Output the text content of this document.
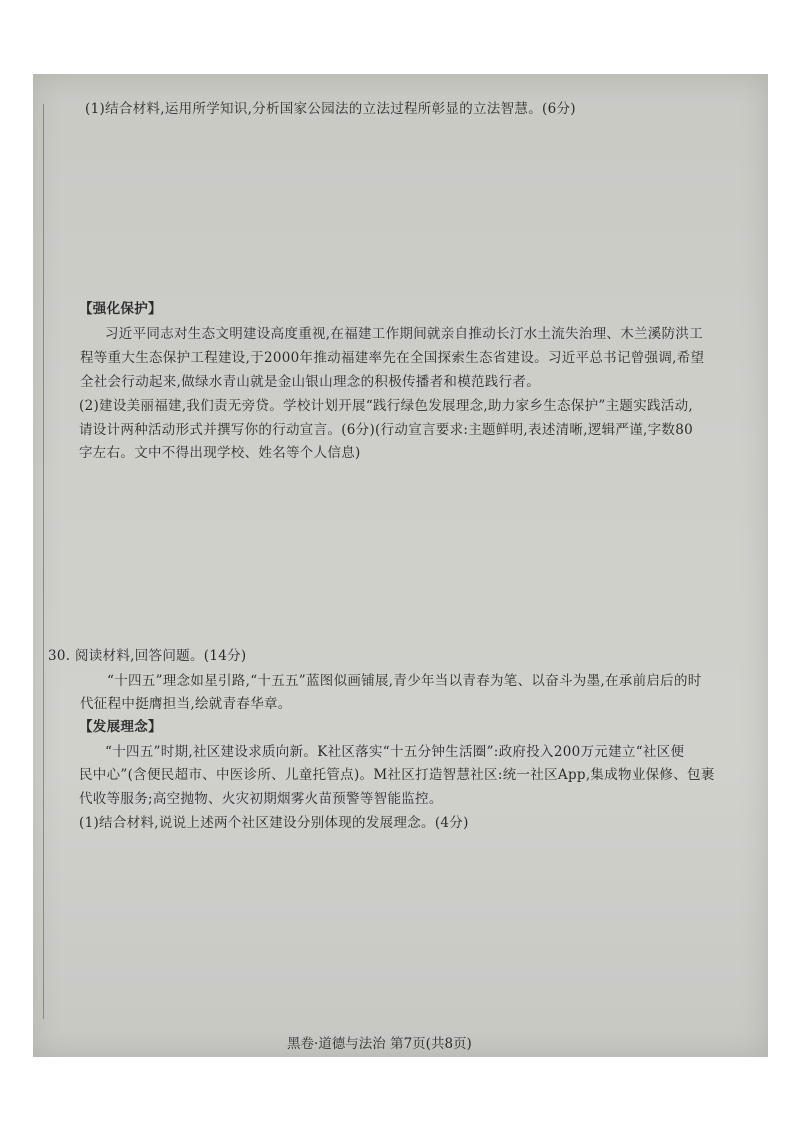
(1)结合材料,运用所学知识,分析国家公园法的立法过程所彰显的立法智慧。(6分)
【强化保护】
习近平同志对生态文明建设高度重视,在福建工作期间就亲自推动长汀水土流失治理、木兰溪防洪工
程等重大生态保护工程建设,于2000年推动福建率先在全国探索生态省建设。习近平总书记曾强调,希望
全社会行动起来,做绿水青山就是金山银山理念的积极传播者和模范践行者。
(2)建设美丽福建,我们责无旁贷。学校计划开展“践行绿色发展理念,助力家乡生态保护”主题实践活动,
请设计两种活动形式并撰写你的行动宣言。(6分)(行动宣言要求:主题鲜明,表述清晰,逻辑严谨,字数80
字左右。文中不得出现学校、姓名等个人信息)
30. 阅读材料,回答问题。(14分)
“十四五”理念如星引路,“十五五”蓝图似画铺展,青少年当以青春为笔、以奋斗为墨,在承前启后的时
代征程中挺膺担当,绘就青春华章。
【发展理念】
“十四五”时期,社区建设求质向新。K社区落实“十五分钟生活圈”:政府投入200万元建立“社区便
民中心”(含便民超市、中医诊所、儿童托管点)。M社区打造智慧社区:统一社区App,集成物业保修、包裹
代收等服务;高空抛物、火灾初期烟雾火苗预警等智能监控。
(1)结合材料,说说上述两个社区建设分别体现的发展理念。(4分)
黑卷·道德与法治 第7页(共8页)
